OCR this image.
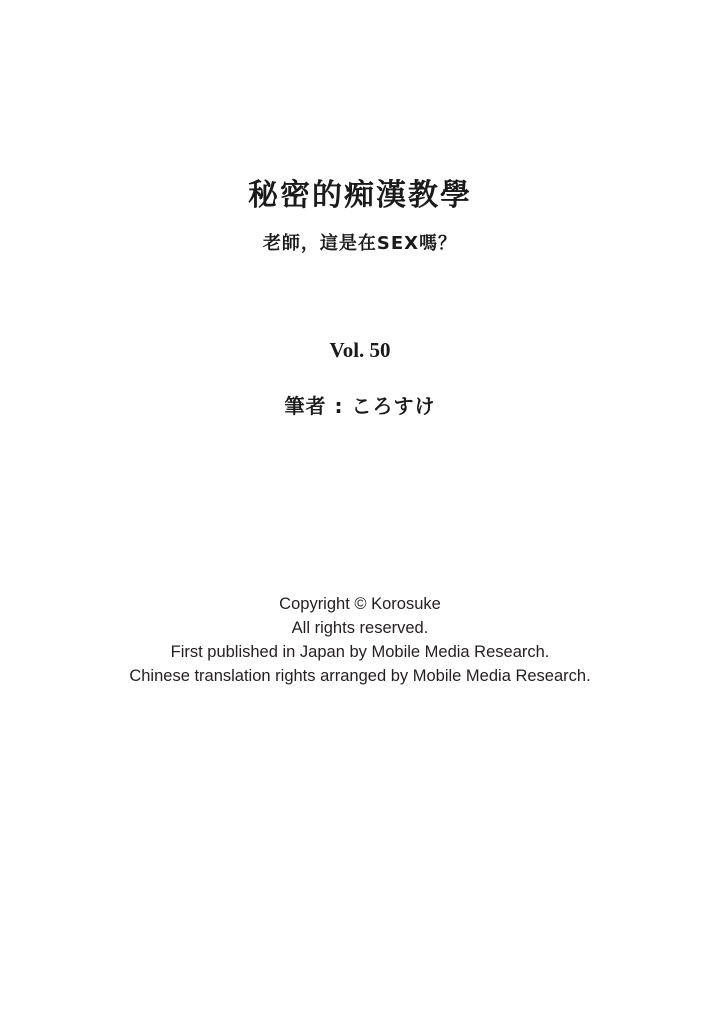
秘密的痴漢教學
老師，這是在SEX嗎？
Vol. 50
筆者 : ころすけ
Copyright © Korosuke
All rights reserved.
First published in Japan by Mobile Media Research.
Chinese translation rights arranged by Mobile Media Research.
